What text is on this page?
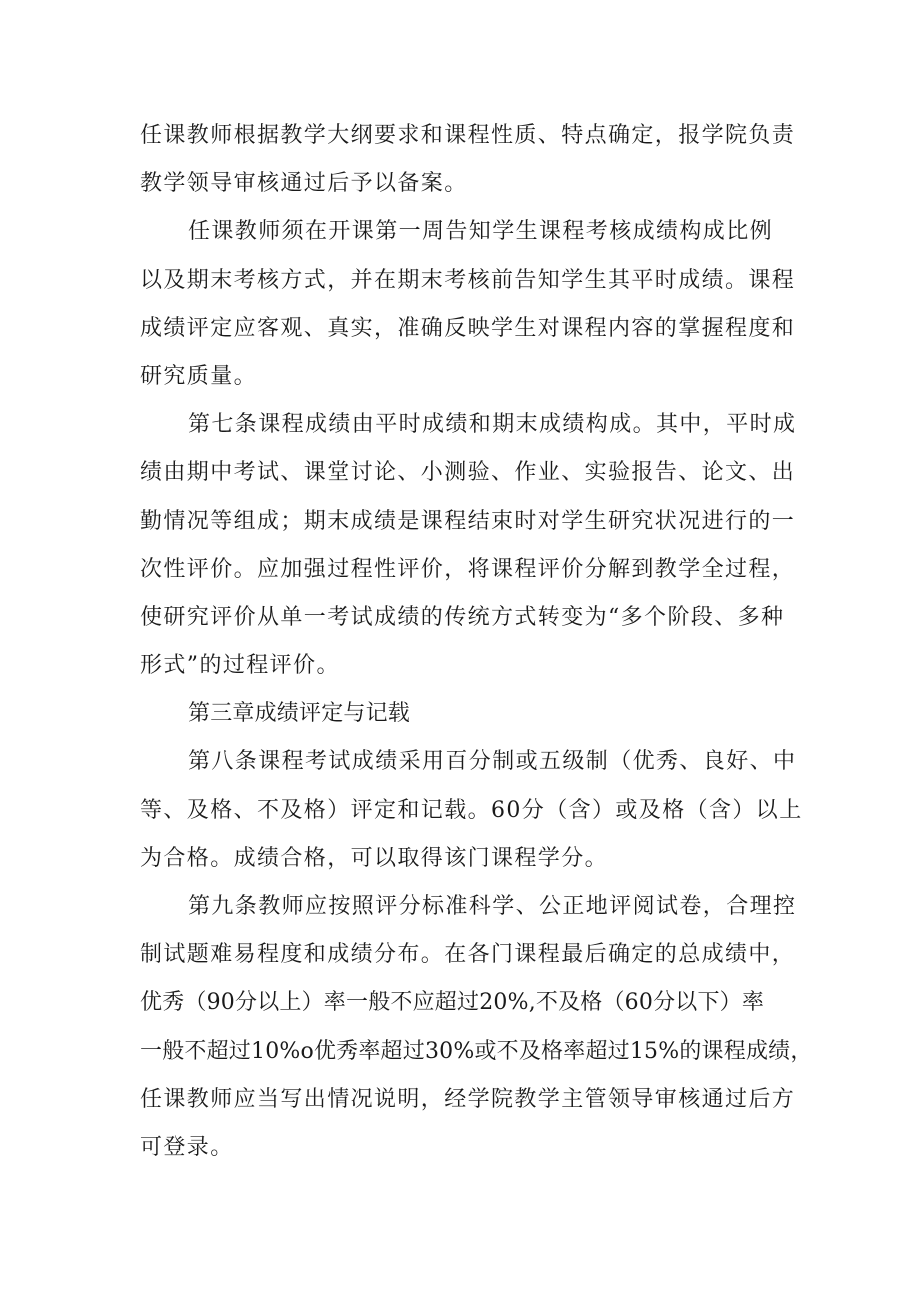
任课教师根据教学大纲要求和课程性质、特点确定，报学院负责
教学领导审核通过后予以备案。
任课教师须在开课第一周告知学生课程考核成绩构成比例
以及期末考核方式，并在期末考核前告知学生其平时成绩。课程
成绩评定应客观、真实，准确反映学生对课程内容的掌握程度和
研究质量。
第七条课程成绩由平时成绩和期末成绩构成。其中，平时成
绩由期中考试、课堂讨论、小测验、作业、实验报告、论文、出
勤情况等组成；期末成绩是课程结束时对学生研究状况进行的一
次性评价。应加强过程性评价，将课程评价分解到教学全过程，
使研究评价从单一考试成绩的传统方式转变为“多个阶段、多种
形式”的过程评价。
第三章成绩评定与记载
第八条课程考试成绩采用百分制或五级制（优秀、良好、中
等、及格、不及格）评定和记载。60分（含）或及格（含）以上
为合格。成绩合格，可以取得该门课程学分。
第九条教师应按照评分标准科学、公正地评阅试卷，合理控
制试题难易程度和成绩分布。在各门课程最后确定的总成绩中，
优秀（90分以上）率一般不应超过20%,不及格（60分以下）率
一般不超过10%o优秀率超过30%或不及格率超过15%的课程成绩，
任课教师应当写出情况说明，经学院教学主管领导审核通过后方
可登录。
